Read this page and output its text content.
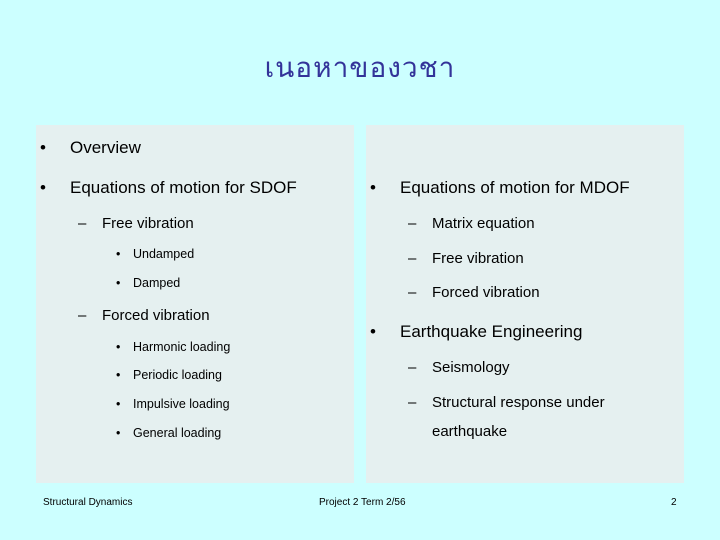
เนอหาของวชา
• Overview
• Equations of motion for SDOF
– Free vibration
• Undamped
• Damped
– Forced vibration
• Harmonic loading
• Periodic loading
• Impulsive loading
• General loading
• Equations of motion for MDOF
– Matrix equation
– Free vibration
– Forced vibration
• Earthquake Engineering
– Seismology
– Structural response under
earthquake
Structural Dynamics	Project 2 Term 2/56	2
